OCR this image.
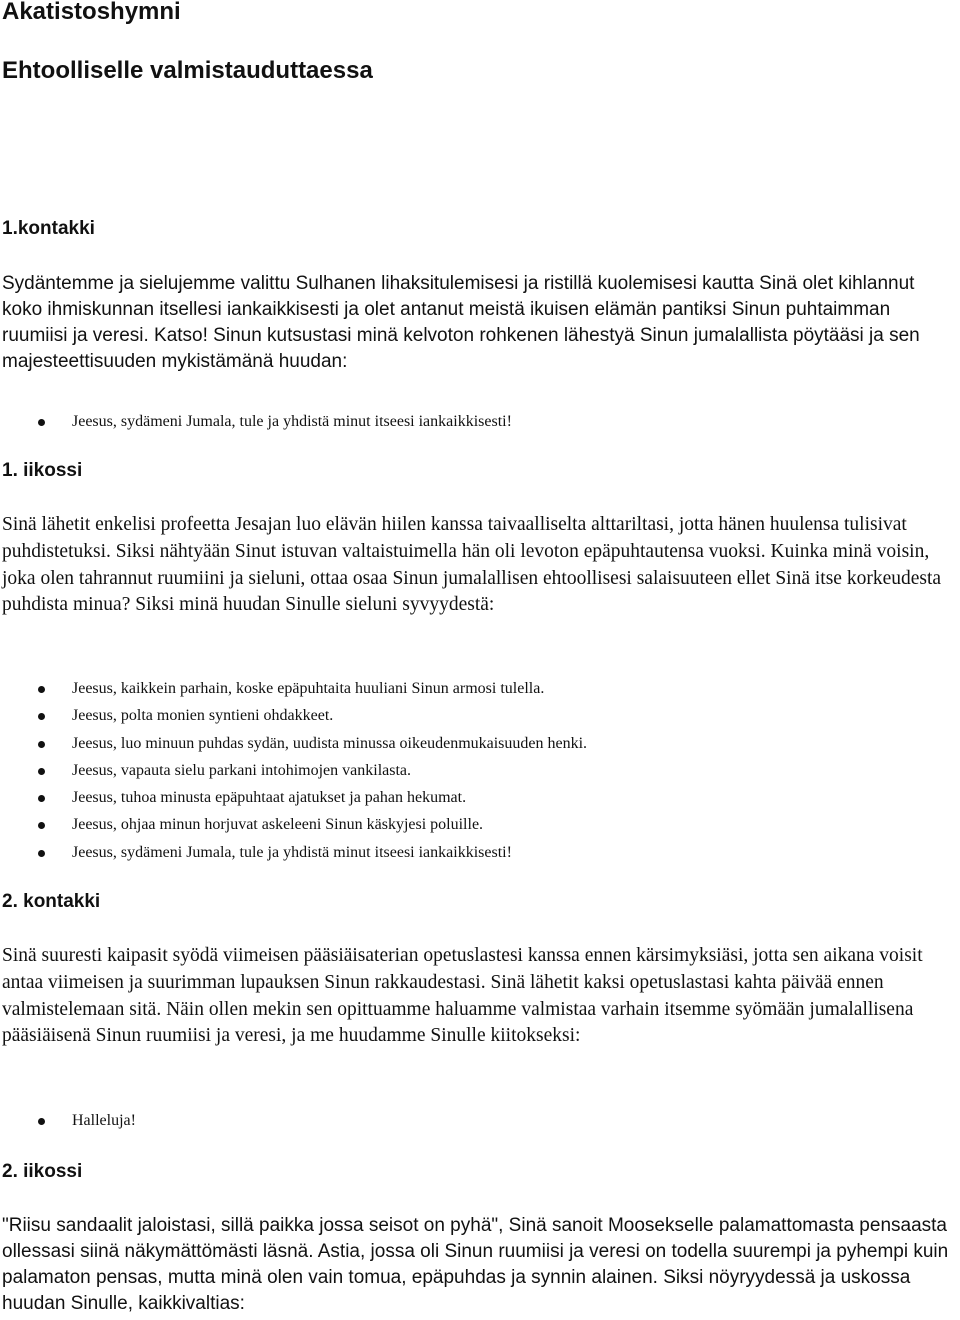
Akatistoshymni
Ehtoolliselle valmistauduttaessa
1.kontakki

Sydäntemme ja sielujemme valittu Sulhanen lihaksitulemisesi ja ristillä kuolemisesi kautta Sinä olet kihlannut koko ihmiskunnan itsellesi iankaikkisesti ja olet antanut meistä ikuisen elämän pantiksi Sinun puhtaimman ruumiisi ja veresi. Katso! Sinun kutsustasi minä kelvoton rohkenen lähestyä Sinun jumalallista pöytääsi ja sen majesteettisuuden mykistämänä huudan:

Jeesus, sydämeni Jumala, tule ja yhdistä minut itseesi iankaikkisesti!
1. iikossi

Sinä lähetit enkelisi profeetta Jesajan luo elävän hiilen kanssa taivaalliselta alttariltasi, jotta hänen huulensa tulisivat puhdistetuksi. Siksi nähtyään Sinut istuvan valtaistuimella hän oli levoton epäpuhtautensa vuoksi. Kuinka minä voisin, joka olen tahrannut ruumiini ja sieluni, ottaa osaa Sinun jumalallisen ehtoollisesi salaisuuteen ellet Sinä itse korkeudesta puhdista minua? Siksi minä huudan Sinulle sieluni syvyydestä:

Jeesus, kaikkein parhain, koske epäpuhtaita huuliani Sinun armosi tulella.
Jeesus, polta monien syntieni ohdakkeet.
Jeesus, luo minuun puhdas sydän, uudista minussa oikeudenmukaisuuden henki.
Jeesus, vapauta sielu parkani intohimojen vankilasta.
Jeesus, tuhoa minusta epäpuhtaat ajatukset ja pahan hekumat.
Jeesus, ohjaa minun horjuvat askeleeni Sinun käskyjesi poluille.
Jeesus, sydämeni Jumala, tule ja yhdistä minut itseesi iankaikkisesti!
2. kontakki

Sinä suuresti kaipasit syödä viimeisen pääsiäisaterian opetuslastesi kanssa ennen kärsimyksiäsi, jotta sen aikana voisit antaa viimeisen ja suurimman lupauksen Sinun rakkaudestasi. Sinä lähetit kaksi opetuslastasi kahta päivää ennen valmistelemaan sitä. Näin ollen mekin sen opittuamme haluamme valmistaa varhain itsemme syömään jumalallisena pääsiäisenä Sinun ruumiisi ja veresi, ja me huudamme Sinulle kiitokseksi:

Halleluja!
2. iikossi

"Riisu sandaalit jaloistasi, sillä paikka jossa seisot on pyhä", Sinä sanoit Moosekselle palamattomasta pensaasta ollessasi siinä näkymättömästi läsnä. Astia, jossa oli Sinun ruumiisi ja veresi on todella suurempi ja pyhempi kuin palamaton pensas, mutta minä olen vain tomua, epäpuhdas ja synnin alainen. Siksi nöyryydessä ja uskossa huudan Sinulle, kaikkivaltias:
